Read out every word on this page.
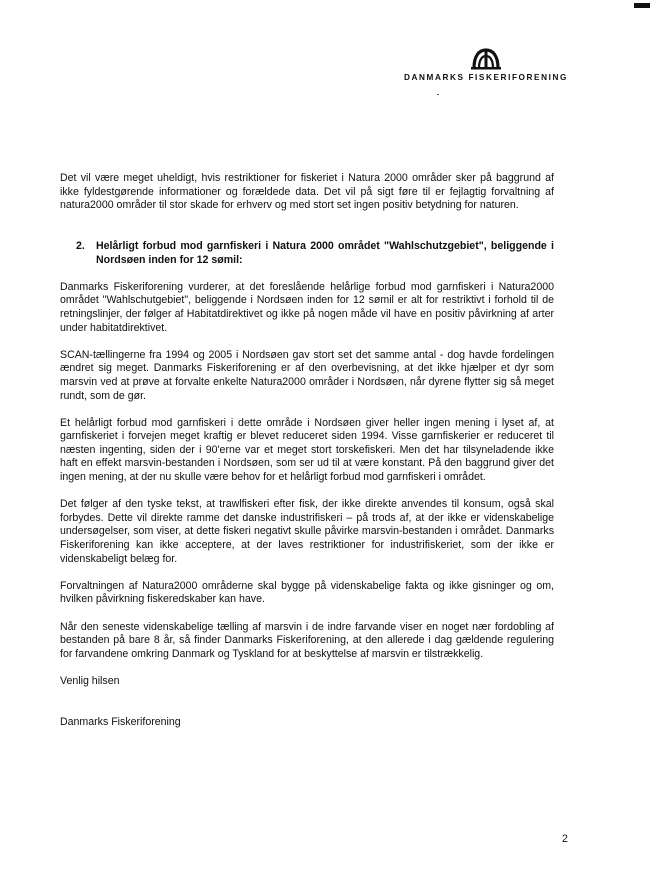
DANMARKS FISKERIFORENING

Det vil være meget uheldigt, hvis restriktioner for fiskeriet i Natura 2000 områder sker på baggrund af ikke fyldestgørende informationer og forældede data. Det vil på sigt føre til er fejlagtig forvaltning af natura2000 områder til stor skade for erhverv og med stort set ingen positiv betydning for naturen.

2.	Helårligt forbud mod garnfiskeri i Natura 2000 området "Wahlschutzgebiet", beliggende i Nordsøen inden for 12 sømil:

Danmarks Fiskeriforening vurderer, at det foreslående helårlige forbud mod garnfiskeri i Natura2000 området "Wahlschutgebiet", beliggende i Nordsøen inden for 12 sømil er alt for restriktivt i forhold til de retningslinjer, der følger af Habitatdirektivet og ikke på nogen måde vil have en positiv påvirkning af arter under habitatdirektivet.

SCAN-tællingerne fra 1994 og 2005 i Nordsøen gav stort set det samme antal - dog havde fordelingen ændret sig meget. Danmarks Fiskeriforening er af den overbevisning, at det ikke hjælper et dyr som marsvin ved at prøve at forvalte enkelte Natura2000 områder i Nordsøen, når dyrene flytter sig så meget rundt, som de gør.

Et helårligt forbud mod garnfiskeri i dette område i Nordsøen giver heller ingen mening i lyset af, at garnfiskeriet i forvejen meget kraftig er blevet reduceret siden 1994. Visse garnfiskerier er reduceret til næsten ingenting, siden der i 90'erne var et meget stort torskefiskeri. Men det har tilsyneladende ikke haft en effekt marsvin-bestanden i Nordsøen, som ser ud til at være konstant. På den baggrund giver det ingen mening, at der nu skulle være behov for et helårligt forbud mod garnfiskeri i området.

Det følger af den tyske tekst, at trawlfiskeri efter fisk, der ikke direkte anvendes til konsum, også skal forbydes. Dette vil direkte ramme det danske industrifiskeri – på trods af, at der ikke er videnskabelige undersøgelser, som viser, at dette fiskeri negativt skulle påvirke marsvin-bestanden i området. Danmarks Fiskeriforening kan ikke acceptere, at der laves restriktioner for industrifiskeriet, som der ikke er videnskabeligt belæg for.

Forvaltningen af Natura2000 områderne skal bygge på videnskabelige fakta og ikke gisninger og om, hvilken påvirkning fiskeredskaber kan have.

Når den seneste videnskabelige tælling af marsvin i de indre farvande viser en noget nær fordobling af bestanden på bare 8 år, så finder Danmarks Fiskeriforening, at den allerede i dag gældende regulering for farvandene omkring Danmark og Tyskland for at beskyttelse af marsvin er tilstrækkelig.

Venlig hilsen

Danmarks Fiskeriforening

2
